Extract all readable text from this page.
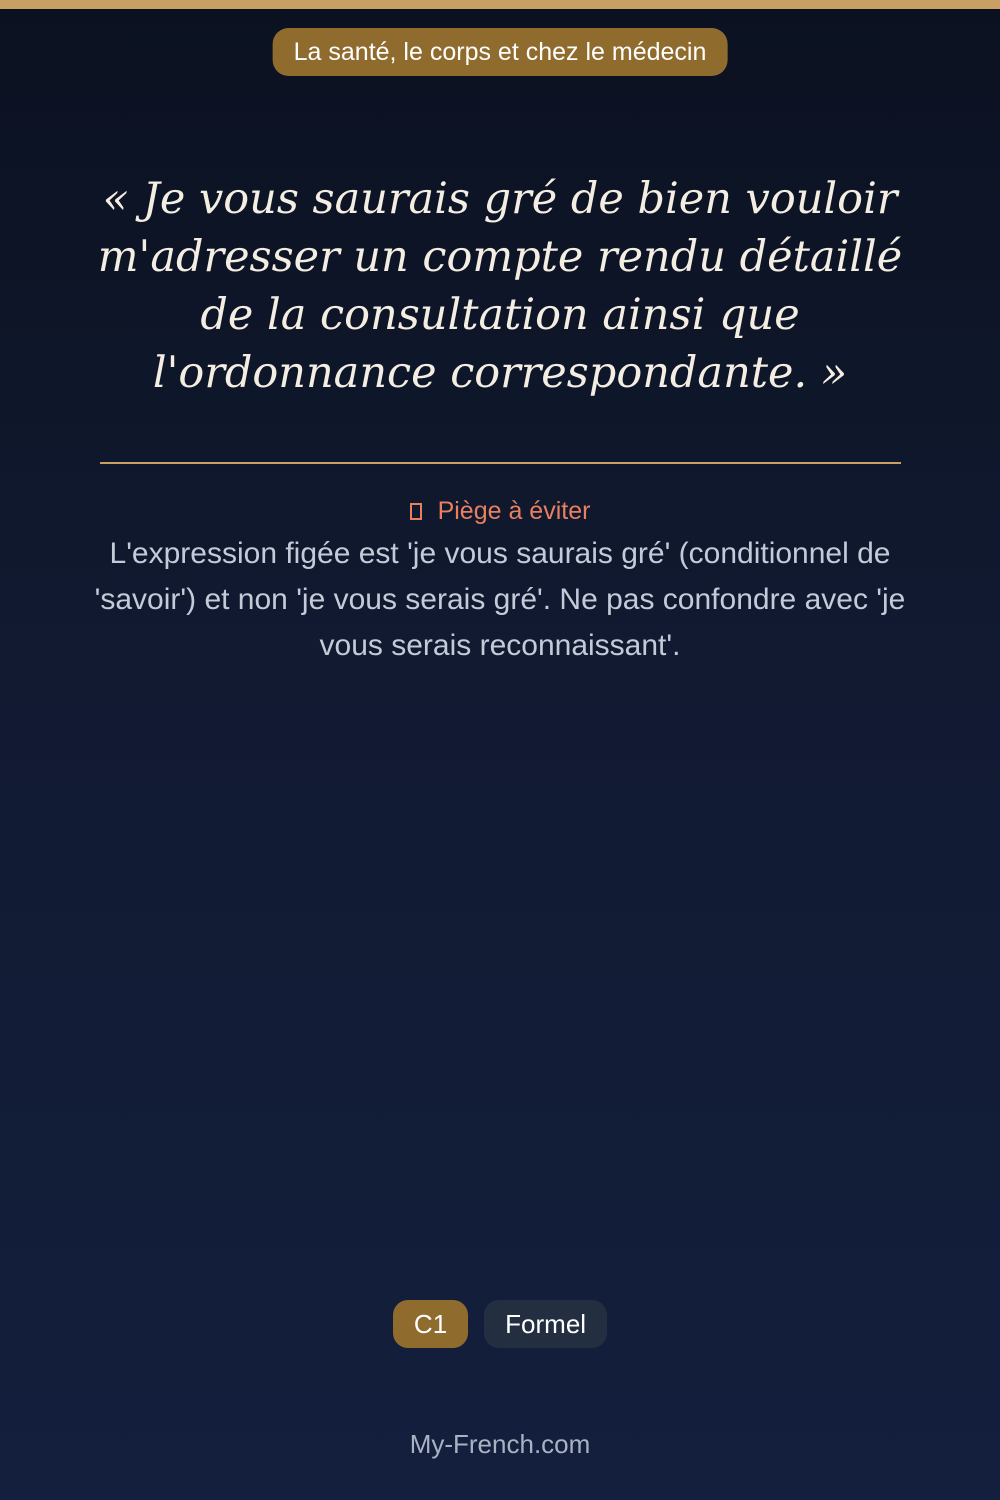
La santé, le corps et chez le médecin

« Je vous saurais gré de bien vouloir m'adresser un compte rendu détaillé de la consultation ainsi que l'ordonnance correspondante. »

Piège à éviter

L'expression figée est 'je vous saurais gré' (conditionnel de 'savoir') et non 'je vous serais gré'. Ne pas confondre avec 'je vous serais reconnaissant'.

C1	Formel
My-French.com
